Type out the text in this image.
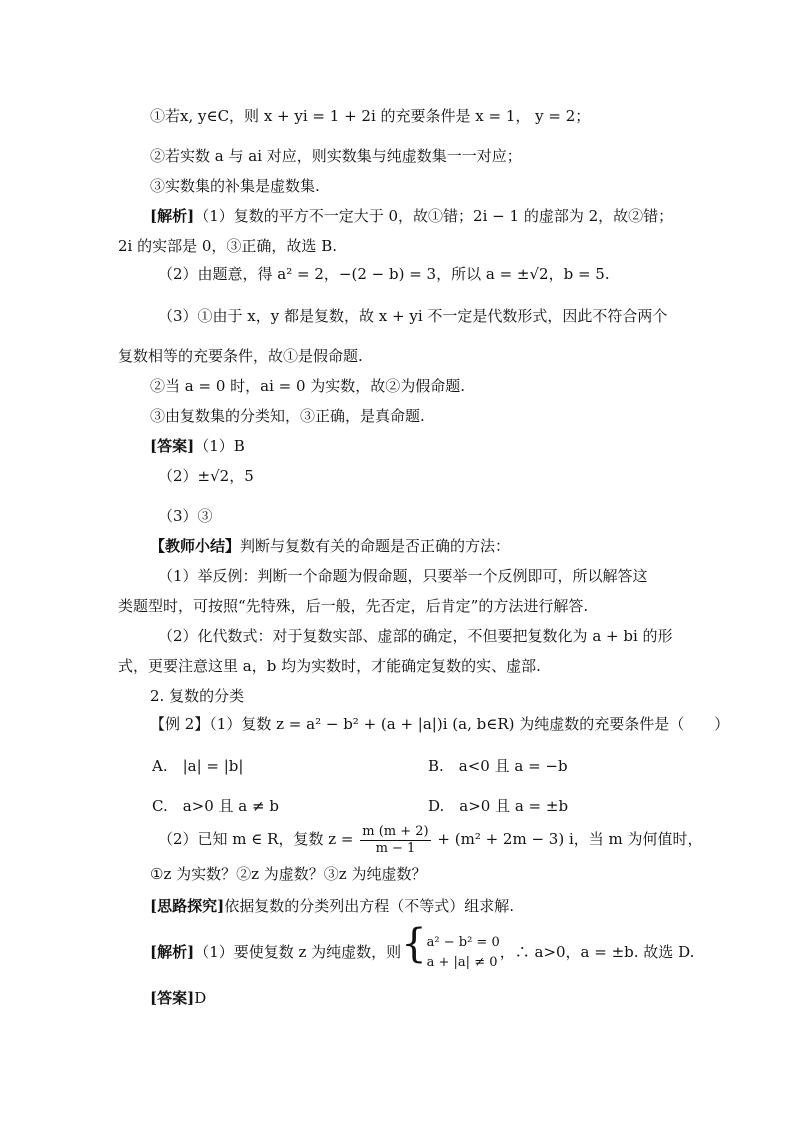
①若x, y∈C，则 x + yi = 1 + 2i 的充要条件是 x = 1， y = 2；
②若实数 a 与 ai 对应，则实数集与纯虚数集一一对应；
③实数集的补集是虚数集.
[解析]（1）复数的平方不一定大于 0，故①错；2i − 1 的虚部为 2，故②错；
2i 的实部是 0，③正确，故选 B.
（2）由题意，得 a² = 2，−(2 − b) = 3，所以 a = ±√2，b = 5.
（3）①由于 x，y 都是复数，故 x + yi 不一定是代数形式，因此不符合两个
复数相等的充要条件，故①是假命题.
②当 a = 0 时，ai = 0 为实数，故②为假命题.
③由复数集的分类知，③正确，是真命题.
[答案]（1）B
（2）±√2，5
（3）③
【教师小结】判断与复数有关的命题是否正确的方法：
（1）举反例：判断一个命题为假命题，只要举一个反例即可，所以解答这
类题型时，可按照“先特殊，后一般，先否定，后肯定”的方法进行解答.
（2）化代数式：对于复数实部、虚部的确定，不但要把复数化为 a + bi 的形
式，更要注意这里 a，b 均为实数时，才能确定复数的实、虚部.
2. 复数的分类
【例 2】（1）复数 z = a² − b² + (a + |a|)i (a, b∈R) 为纯虚数的充要条件是（　　）
A.　|a| = |b|	B.　a<0 且 a = −b
C.　a>0 且 a ≠ b	D.　a>0 且 a = ±b
（2）已知 m ∈ R，复数 $z = \frac{m (m + 2)}{m - 1} + (m^2 + 2m - 3)$ i，当 m 为何值时，
①z 为实数？②z 为虚数？③z 为纯虚数？
[思路探究]依据复数的分类列出方程（不等式）组求解.
[解析]（1）要使复数 z 为纯虚数，则{ a² − b² = 0
a + |a| ≠ 0
，∴ a>0，a = ±b. 故选 D.
[答案]D
